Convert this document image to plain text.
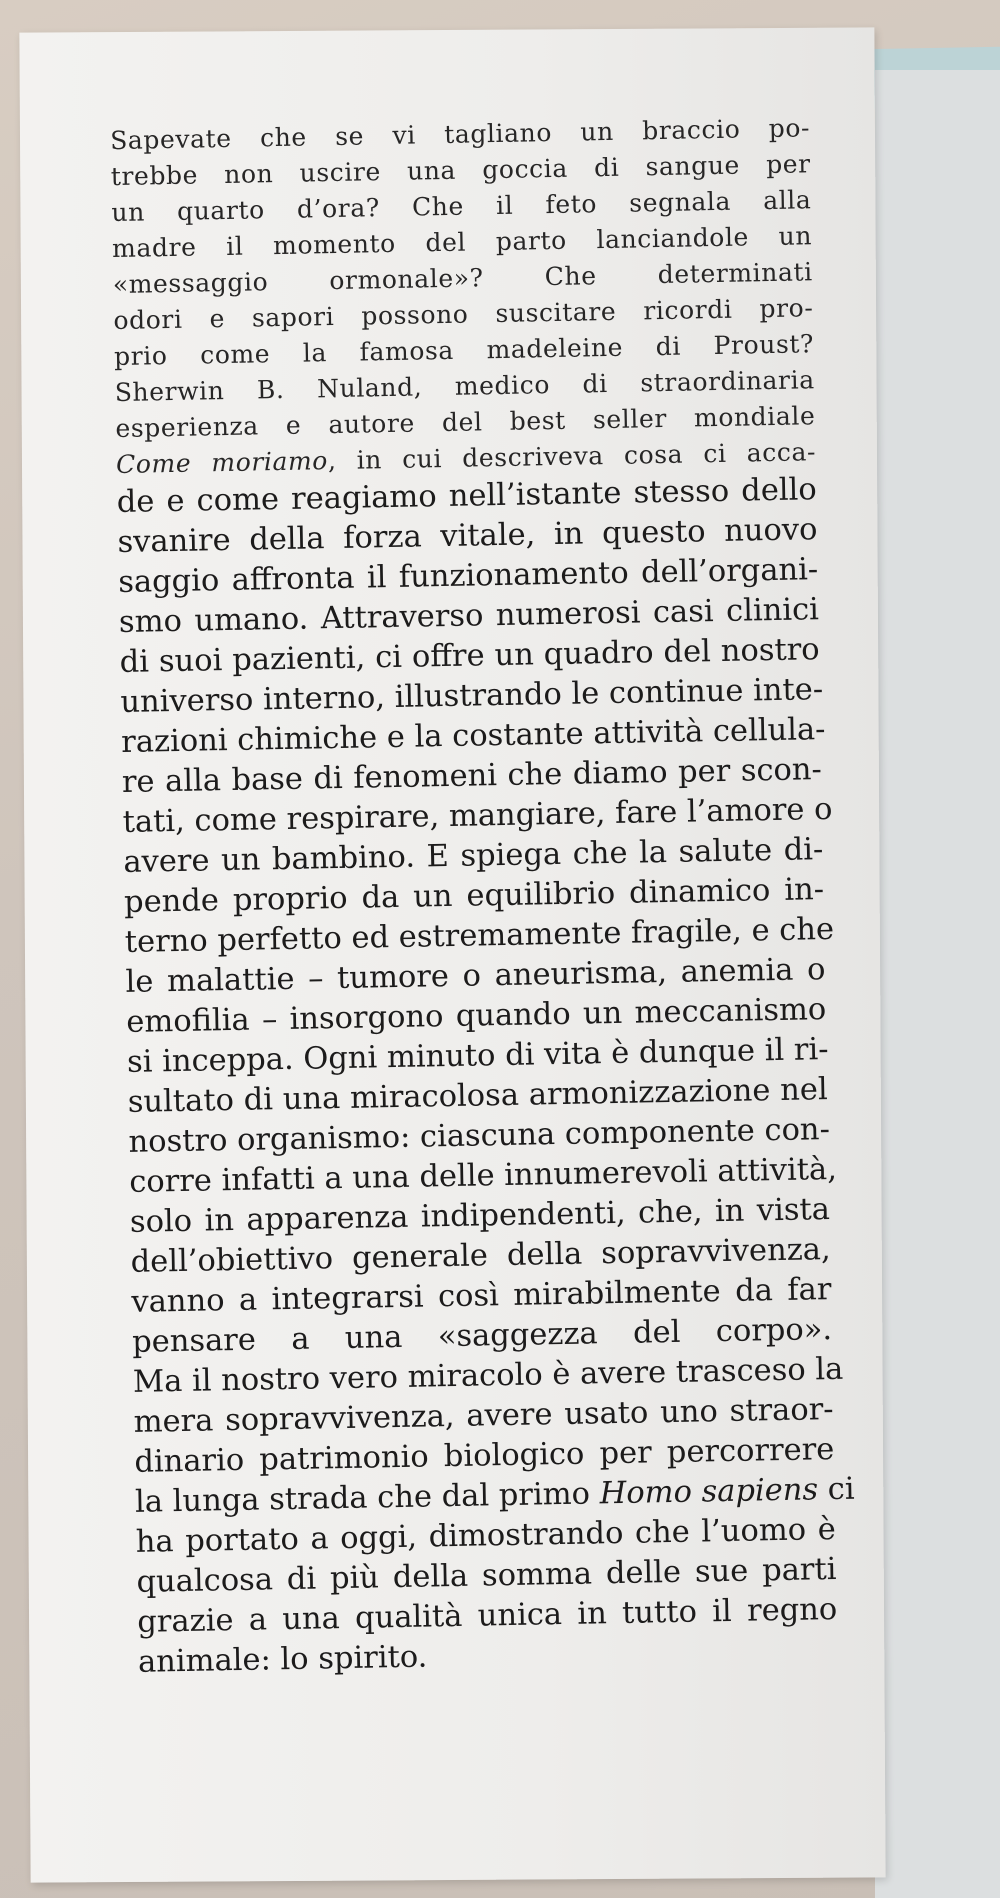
Sapevate che se vi tagliano un braccio po-
trebbe non uscire una goccia di sangue per
un quarto d’ora? Che il feto segnala alla
madre il momento del parto lanciandole un
«messaggio ormonale»? Che determinati
odori e sapori possono suscitare ricordi pro-
prio come la famosa madeleine di Proust?
Sherwin B. Nuland, medico di straordinaria
esperienza e autore del best seller mondiale
Come moriamo, in cui descriveva cosa ci acca-
de e come reagiamo nell’istante stesso dello
svanire della forza vitale, in questo nuovo
saggio affronta il funzionamento dell’organi-
smo umano. Attraverso numerosi casi clinici
di suoi pazienti, ci offre un quadro del nostro
universo interno, illustrando le continue inte-
razioni chimiche e la costante attività cellula-
re alla base di fenomeni che diamo per scon-
tati, come respirare, mangiare, fare l’amore o
avere un bambino. E spiega che la salute di-
pende proprio da un equilibrio dinamico in-
terno perfetto ed estremamente fragile, e che
le malattie – tumore o aneurisma, anemia o
emofilia – insorgono quando un meccanismo
si inceppa. Ogni minuto di vita è dunque il ri-
sultato di una miracolosa armonizzazione nel
nostro organismo: ciascuna componente con-
corre infatti a una delle innumerevoli attività,
solo in apparenza indipendenti, che, in vista
dell’obiettivo generale della sopravvivenza,
vanno a integrarsi così mirabilmente da far
pensare a una «saggezza del corpo».
Ma il nostro vero miracolo è avere trasceso la
mera sopravvivenza, avere usato uno straor-
dinario patrimonio biologico per percorrere
la lunga strada che dal primo Homo sapiens ci
ha portato a oggi, dimostrando che l’uomo è
qualcosa di più della somma delle sue parti
grazie a una qualità unica in tutto il regno
animale: lo spirito.
